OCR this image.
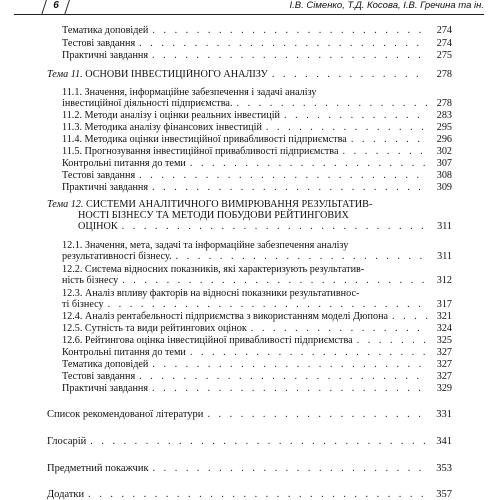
6	І.В. Сіменко, Т.Д. Косова, І.В. Гречина та ін.
Тематика доповідей . . .	274
Тестові завдання . . .	274
Практичні завдання . . .	275
Тема 11. ОСНОВИ ІНВЕСТИЦІЙНОГО АНАЛІЗУ . . .	278
11.1. Значення, інформаційне забезпечення і задачі аналізу
інвестиційної діяльності підприємства. . . .	278
11.2. Методи аналізу і оцінки реальних інвестицій . . .	283
11.3. Методика аналізу фінансових інвестицій . . .	295
11.4. Методика оцінки інвестиційної привабливості підприємства . . .	296
11.5. Прогнозування інвестиційної привабливості підприємства . . .	302
Контрольні питання до теми . . .	307
Тестові завдання . . .	308
Практичні завдання . . .	309
Тема 12. СИСТЕМИ АНАЛІТИЧНОГО ВИМІРЮВАННЯ РЕЗУЛЬТАТИВ-
НОСТІ БІЗНЕСУ ТА МЕТОДИ ПОБУДОВИ РЕЙТИНГОВИХ
ОЦІНОК . . .	311
12.1. Значення, мета, задачі та інформаційне забезпечення аналізу
результативності бізнесу. . . .	311
12.2. Система відносних показників, які характеризують результатив-
ність бізнесу . . .	312
12.3. Аналіз впливу факторів на відносні показники результативнос-
ті бізнесу . . .	317
12.4. Аналіз рентабельності підприємства з використанням моделі Дюпона . . .	321
12.5. Сутність та види рейтингових оцінок . . .	324
12.6. Рейтингова оцінка інвестиційної привабливості підприємства . . .	325
Контрольні питання до теми . . .	327
Тематика доповідей . . .	327
Тестові завдання . . .	327
Практичні завдання . . .	329
Список рекомендованої літератури . . .	331
Глосарій . . .	341
Предметний покажчик . . .	353
Додатки . . .	357
